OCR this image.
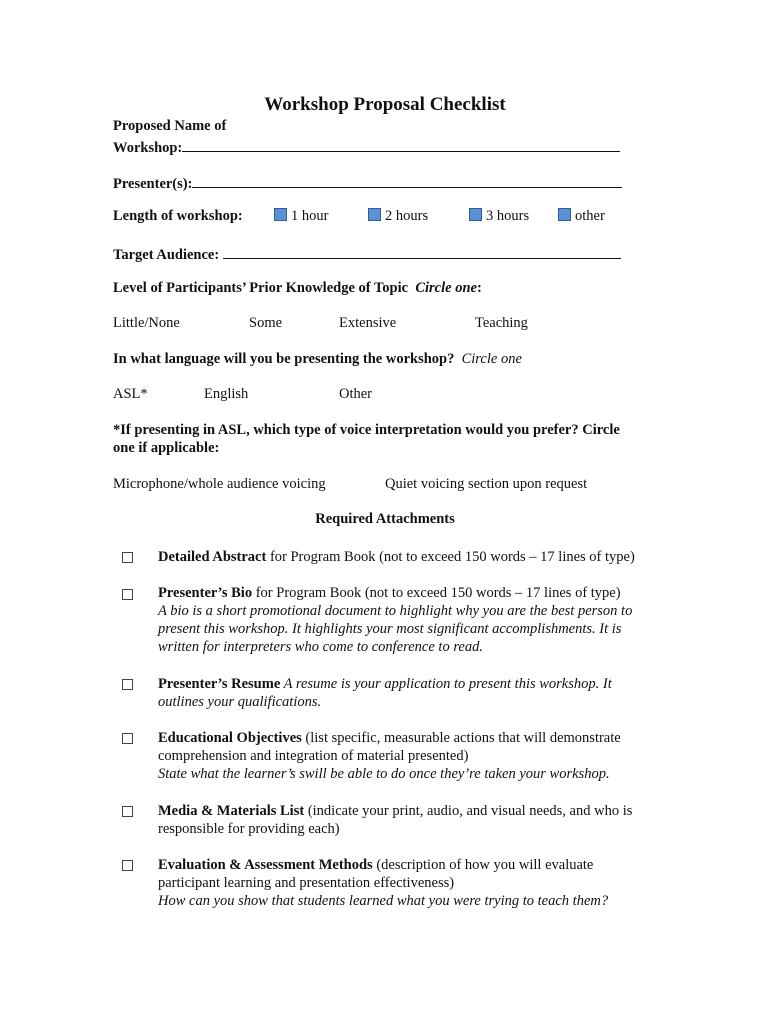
Workshop Proposal Checklist
Proposed Name of
Workshop:
Presenter(s):
Length of workshop:	1 hour	2 hours	3 hours	other
Target Audience:
Level of Participants’ Prior Knowledge of Topic Circle one:
Little/None	Some	Extensive	Teaching
In what language will you be presenting the workshop? Circle one
ASL*	English	Other
*If presenting in ASL, which type of voice interpretation would you prefer? Circle
one if applicable:
Microphone/whole audience voicing	Quiet voicing section upon request
Required Attachments
Detailed Abstract for Program Book (not to exceed 150 words – 17 lines of type)
Presenter’s Bio for Program Book (not to exceed 150 words – 17 lines of type)
A bio is a short promotional document to highlight why you are the best person to
present this workshop. It highlights your most significant accomplishments. It is
written for interpreters who come to conference to read.
Presenter’s Resume A resume is your application to present this workshop. It
outlines your qualifications.
Educational Objectives (list specific, measurable actions that will demonstrate
comprehension and integration of material presented)
State what the learner’s swill be able to do once they’re taken your workshop.
Media & Materials List (indicate your print, audio, and visual needs, and who is
responsible for providing each)
Evaluation & Assessment Methods (description of how you will evaluate
participant learning and presentation effectiveness)
How can you show that students learned what you were trying to teach them?
